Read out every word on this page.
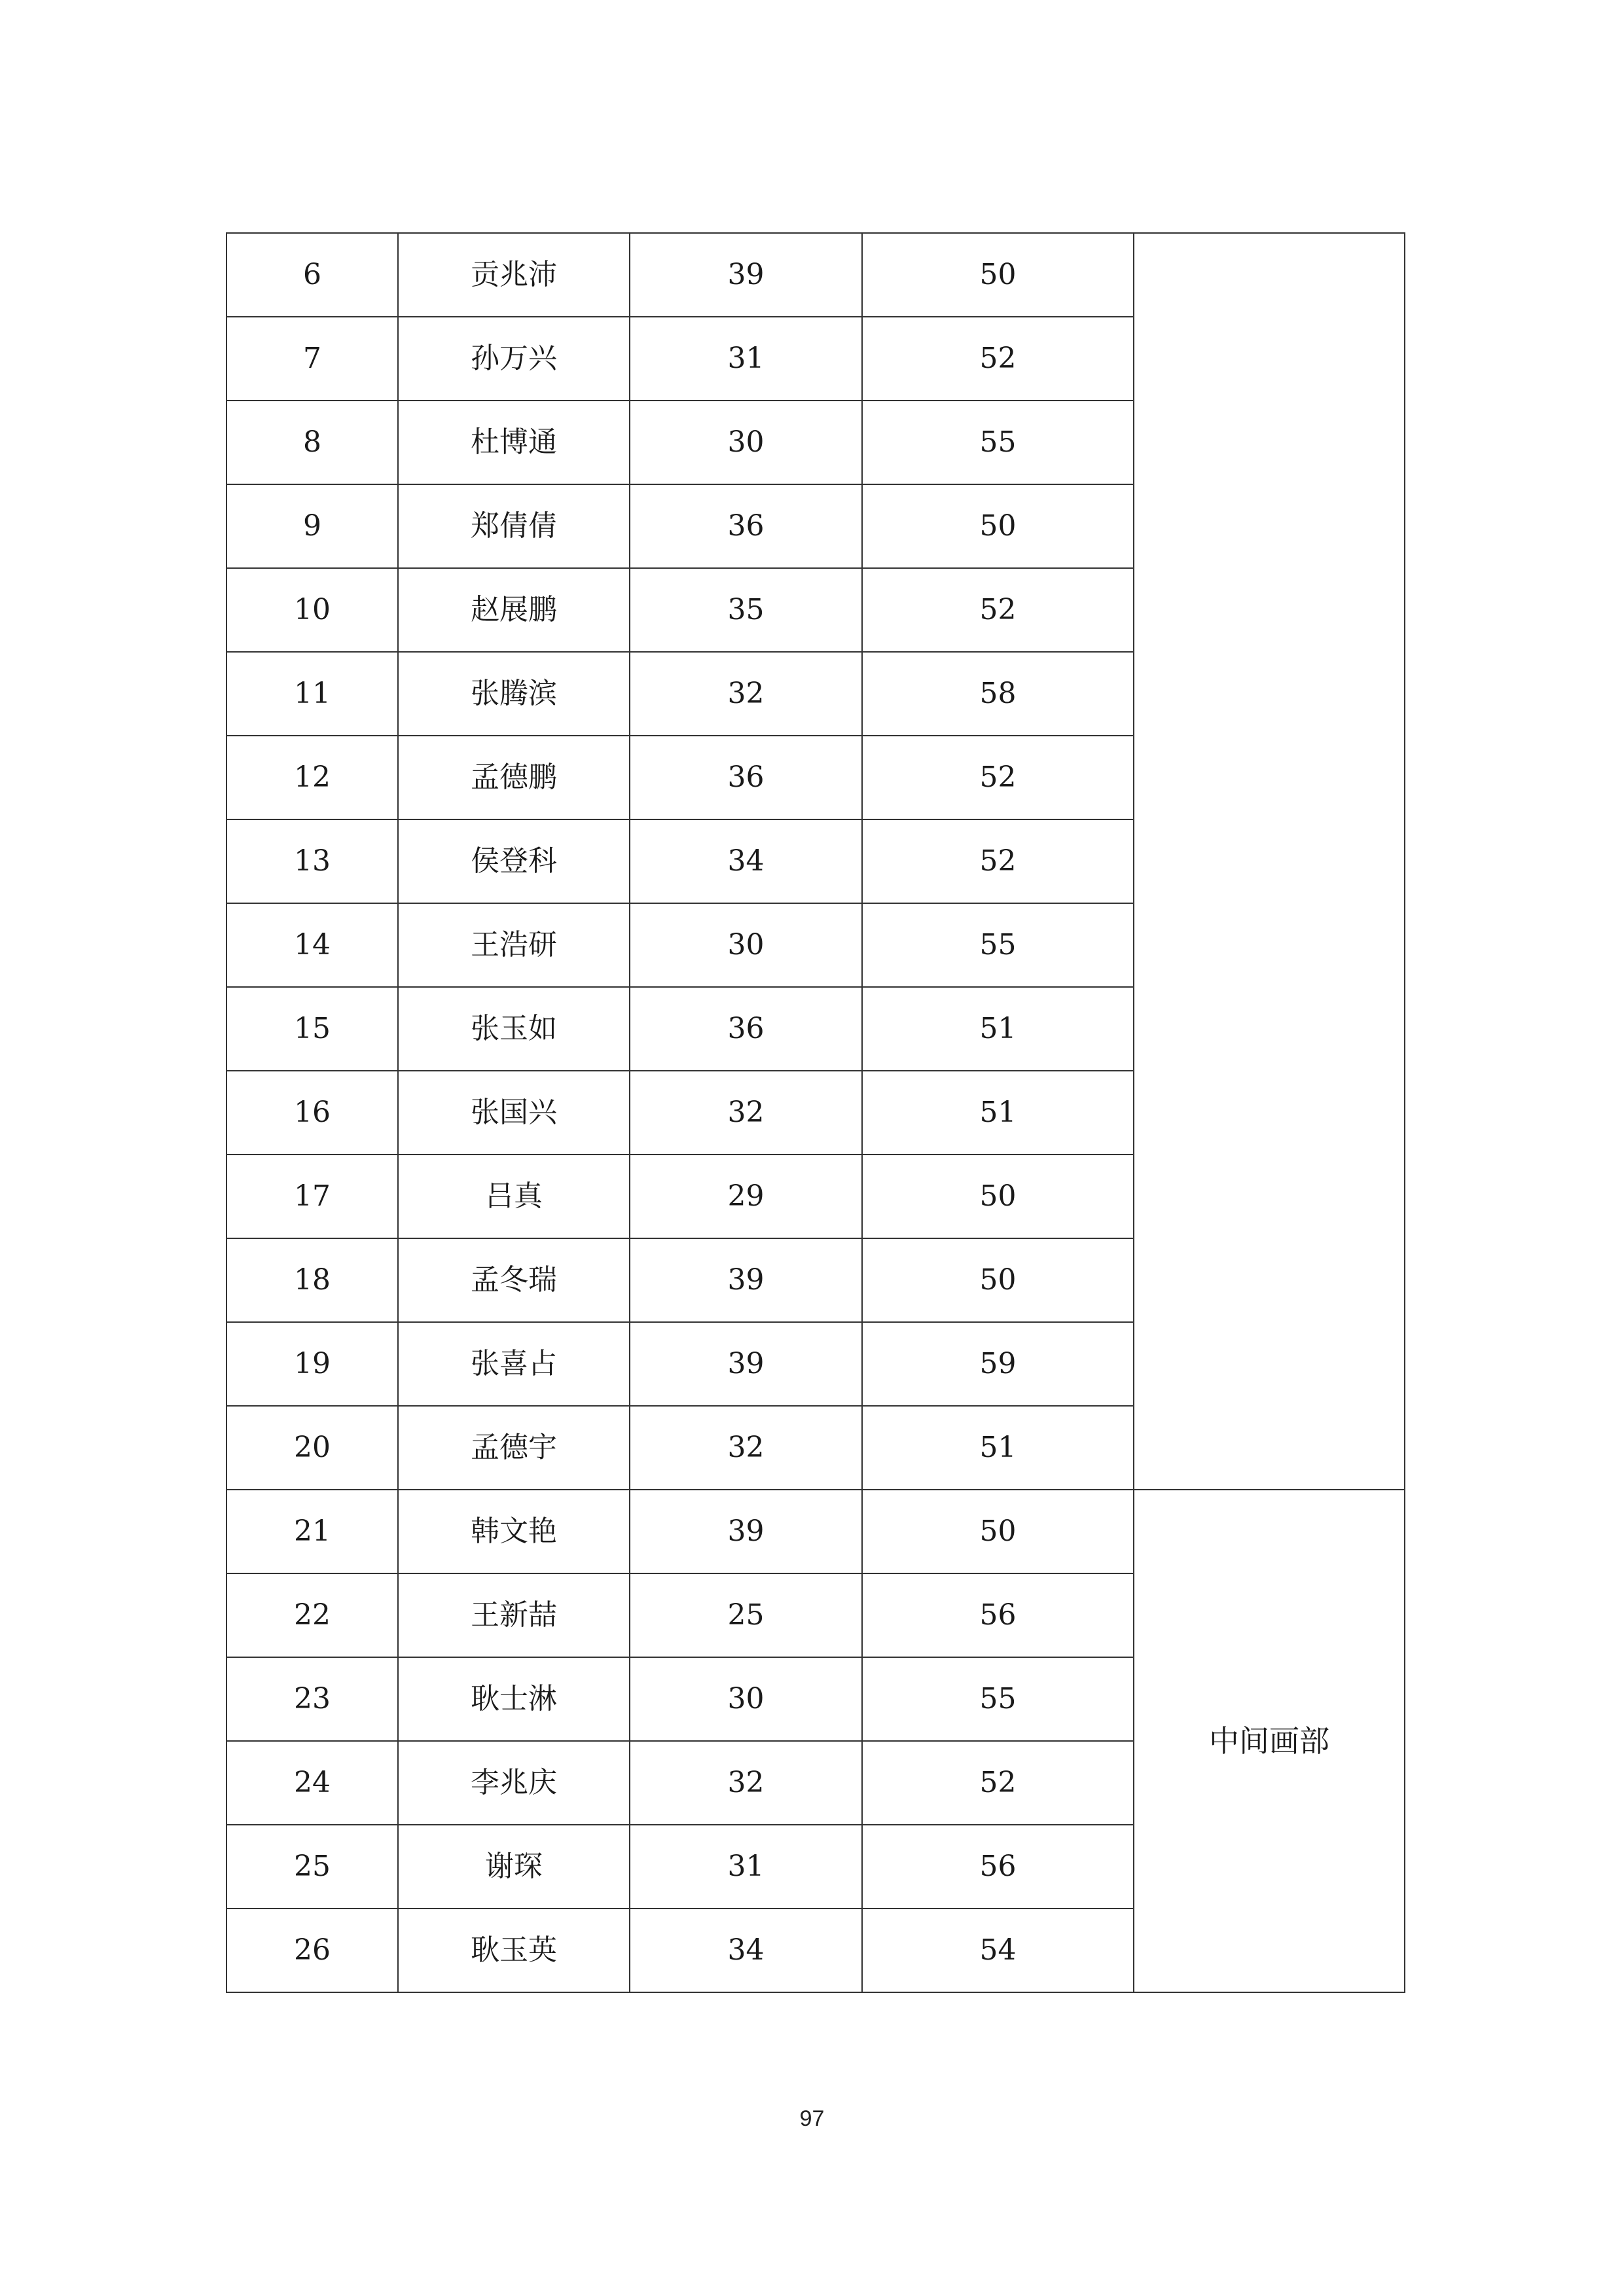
6	贡兆沛	39	50	
7	孙万兴	31	52	
8	杜博通	30	55	
9	郑倩倩	36	50	
10	赵展鹏	35	52	
11	张腾滨	32	58	
12	孟德鹏	36	52	
13	侯登科	34	52	
14	王浩研	30	55	
15	张玉如	36	51	
16	张国兴	32	51	
17	吕真	29	50	
18	孟冬瑞	39	50	
19	张喜占	39	59	
20	孟德宇	32	51	
21	韩文艳	39	50	中间画部
22	王新喆	25	56	
23	耿士淋	30	55	
24	李兆庆	32	52	
25	谢琛	31	56	
26	耿玉英	34	54	
97
